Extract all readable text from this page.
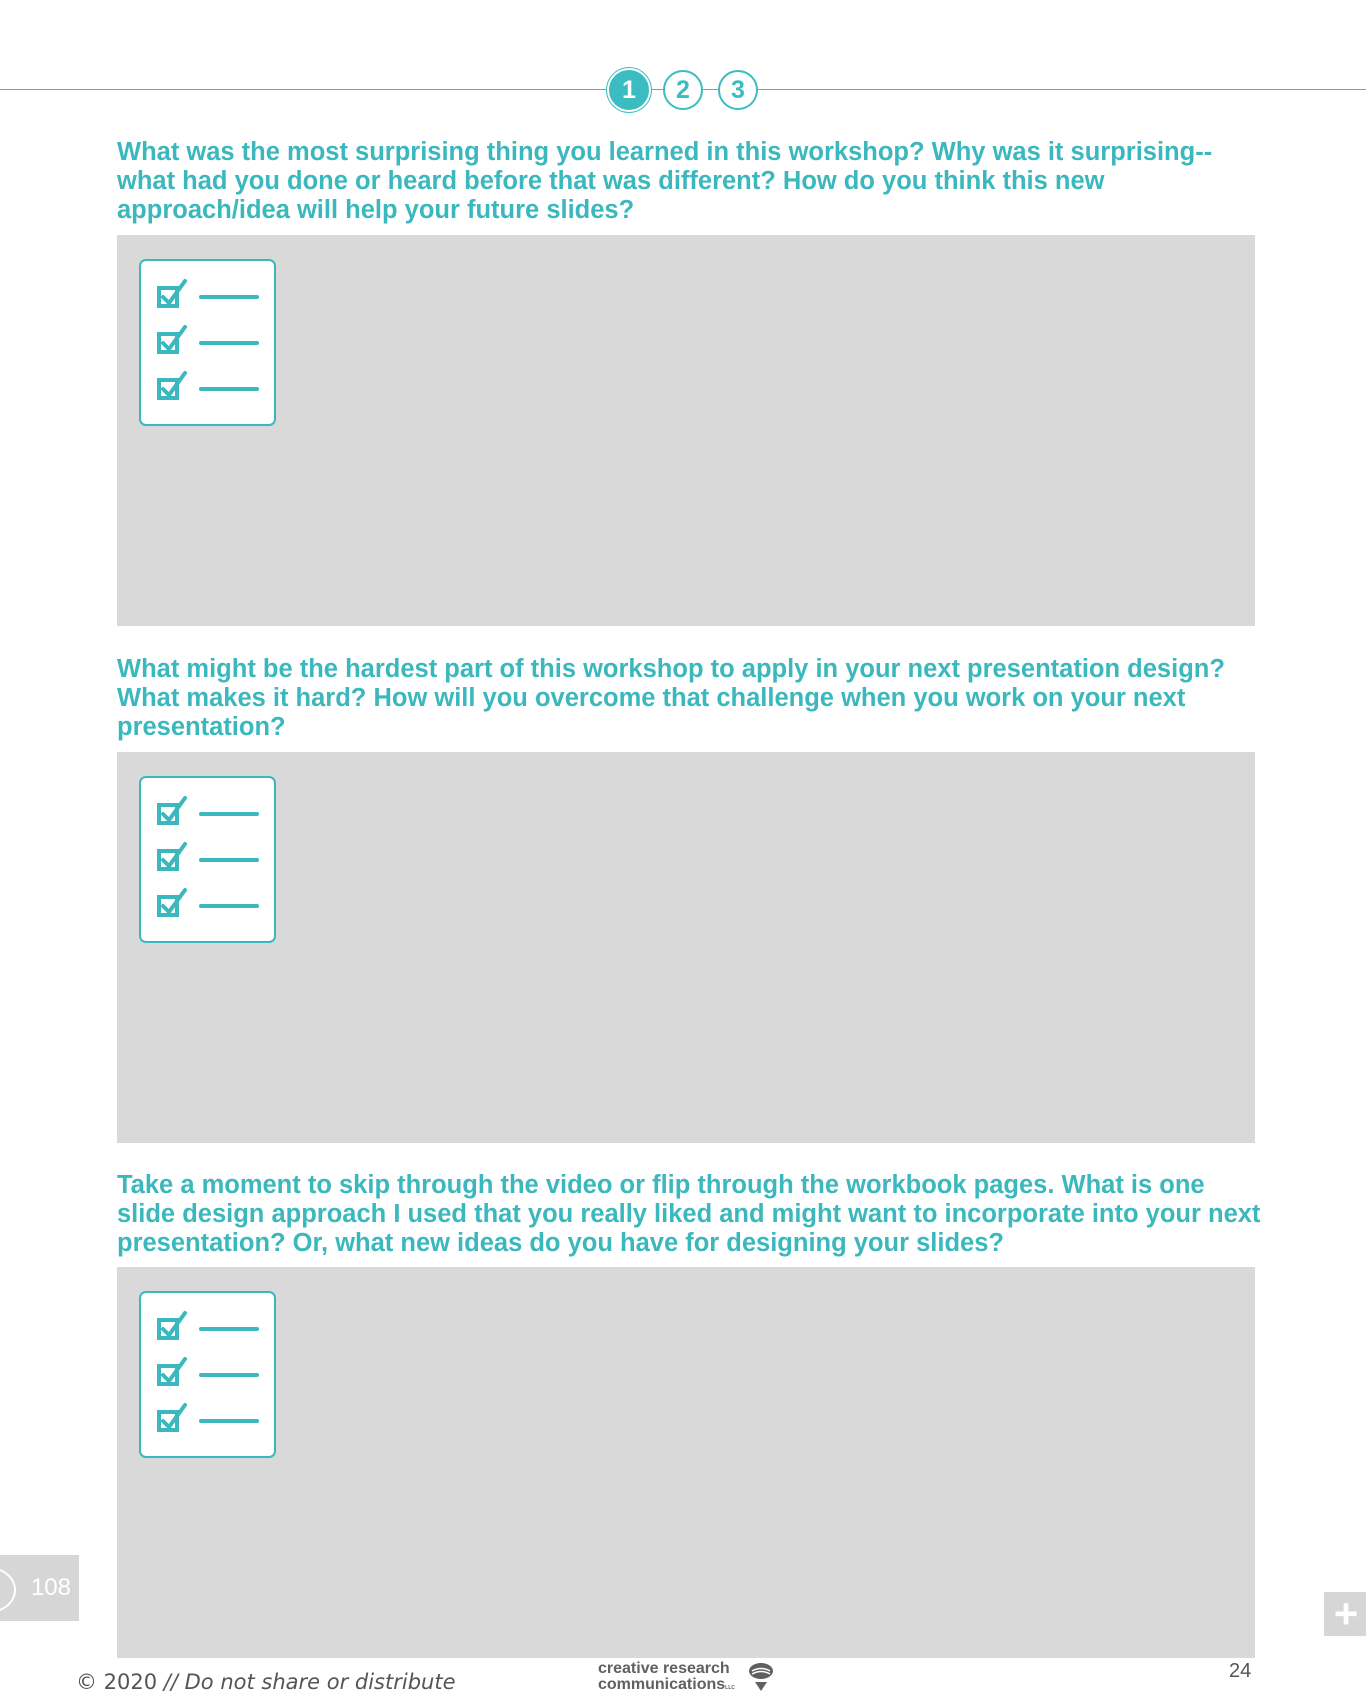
1	2	3

What was the most surprising thing you learned in this workshop? Why was it surprising--what had you done or heard before that was different? How do you think this new approach/idea will help your future slides?

What might be the hardest part of this workshop to apply in your next presentation design? What makes it hard? How will you overcome that challenge when you work on your next presentation?

Take a moment to skip through the video or flip through the workbook pages. What is one slide design approach I used that you really liked and might want to incorporate into your next presentation? Or, what new ideas do you have for designing your slides?

108
+
© 2020 // Do not share or distribute
creative research
communicationsLLC
24
